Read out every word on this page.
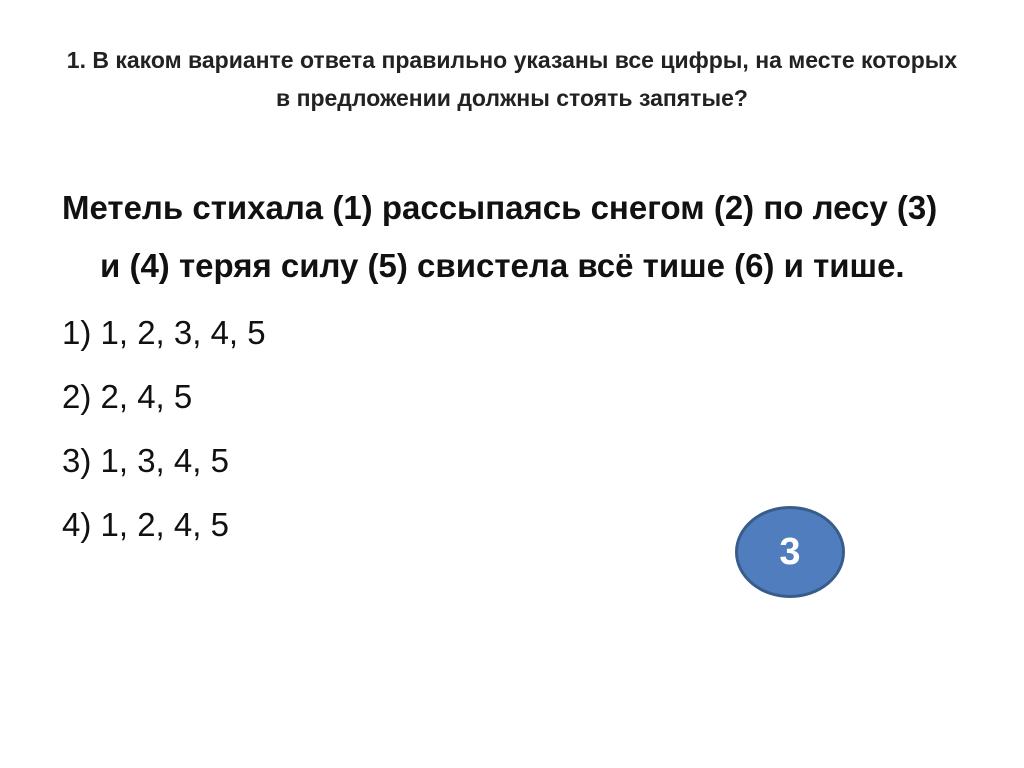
1. В каком варианте ответа правильно указаны все цифры, на месте которых в предложении должны стоять запятые?
Метель стихала (1) рассыпаясь снегом (2) по лесу (3) и (4) теряя силу (5) свистела всё тише (6) и тише.
1) 1, 2, 3, 4, 5
2) 2, 4, 5
3) 1, 3, 4, 5
4) 1, 2, 4, 5
3
